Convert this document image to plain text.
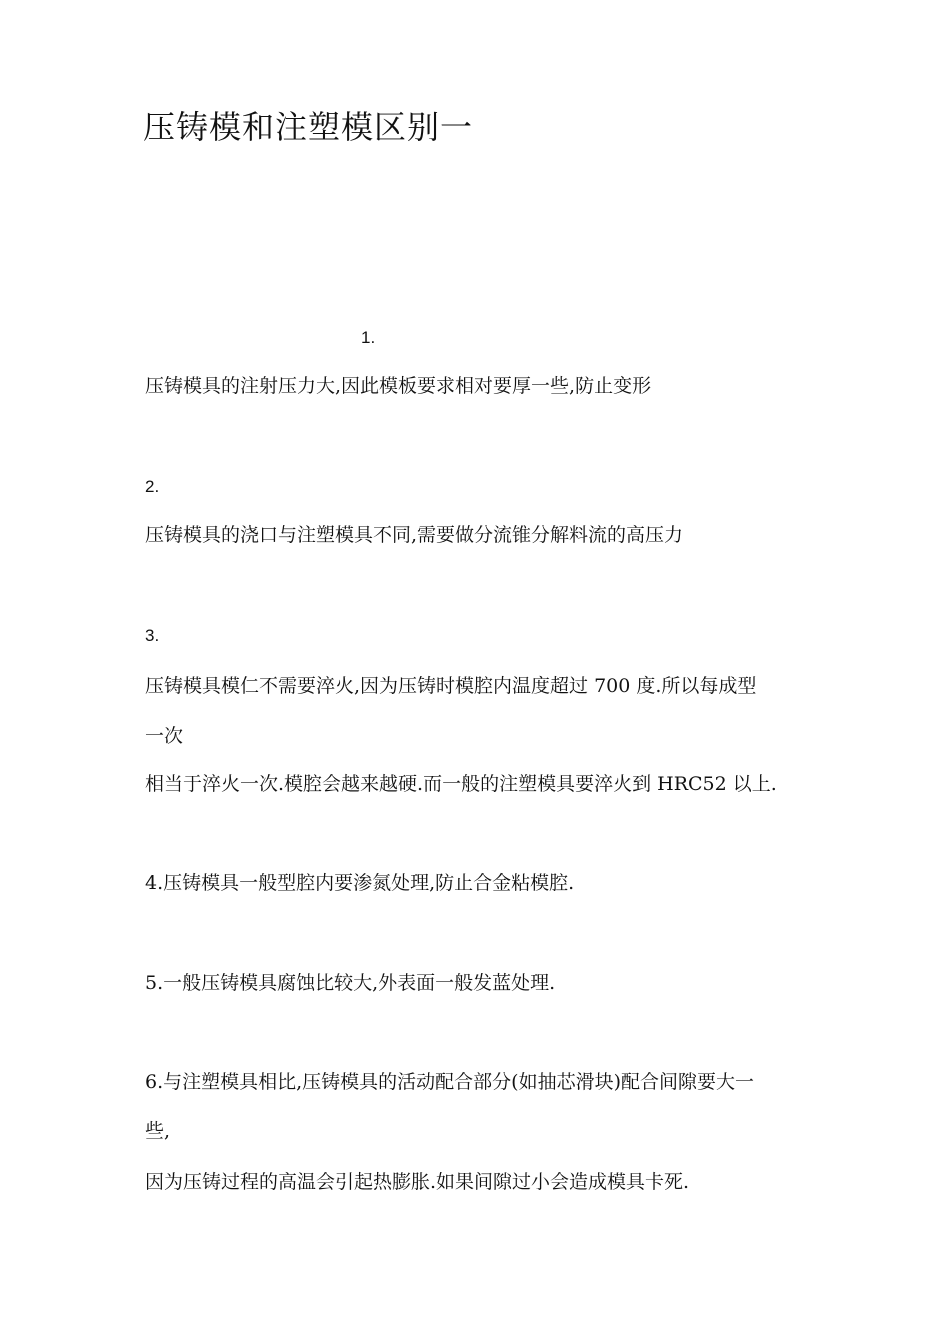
压铸模和注塑模区别一
1.
压铸模具的注射压力大,因此模板要求相对要厚一些,防止变形
2.
压铸模具的浇口与注塑模具不同,需要做分流锥分解料流的高压力
3.
压铸模具模仁不需要淬火,因为压铸时模腔内温度超过 700 度.所以每成型
一次
相当于淬火一次.模腔会越来越硬.而一般的注塑模具要淬火到 HRC52 以上.
4.压铸模具一般型腔内要渗氮处理,防止合金粘模腔.
5.一般压铸模具腐蚀比较大,外表面一般发蓝处理.
6.与注塑模具相比,压铸模具的活动配合部分(如抽芯滑块)配合间隙要大一
些,
因为压铸过程的高温会引起热膨胀.如果间隙过小会造成模具卡死.
